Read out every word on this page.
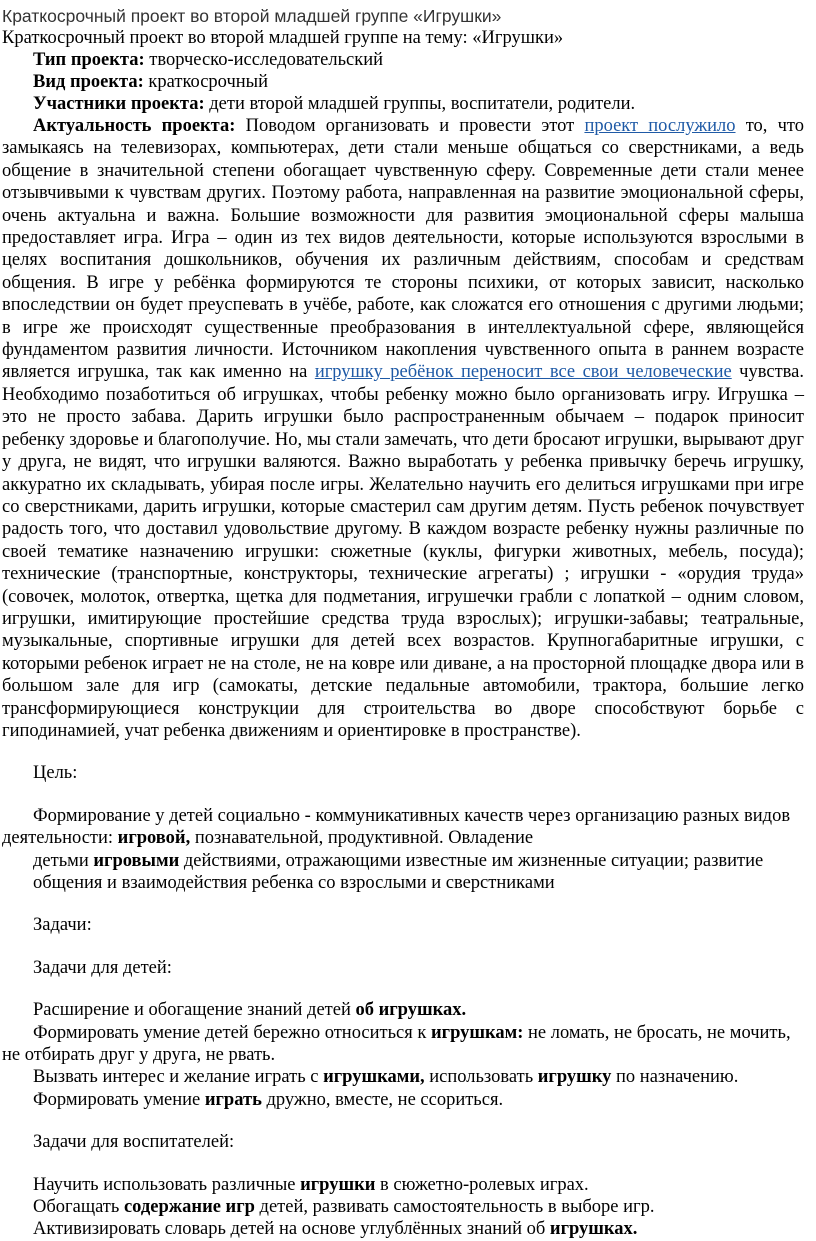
Краткосрочный проект во второй младшей группе «Игрушки»
Краткосрочный проект во второй младшей группе на тему: «Игрушки»
Тип проекта: творческо-исследовательский
Вид проекта: краткосрочный
Участники проекта: дети второй младшей группы, воспитатели, родители.
Актуальность проекта: Поводом организовать и провести этот проект послужило то, что замыкаясь на телевизорах, компьютерах, дети стали меньше общаться со сверстниками, а ведь общение в значительной степени обогащает чувственную сферу. Современные дети стали менее отзывчивыми к чувствам других. Поэтому работа, направленная на развитие эмоциональной сферы, очень актуальна и важна. Большие возможности для развития эмоциональной сферы малыша предоставляет игра. Игра – один из тех видов деятельности, которые используются взрослыми в целях воспитания дошкольников, обучения их различным действиям, способам и средствам общения. В игре у ребёнка формируются те стороны психики, от которых зависит, насколько впоследствии он будет преуспевать в учёбе, работе, как сложатся его отношения с другими людьми; в игре же происходят существенные преобразования в интеллектуальной сфере, являющейся фундаментом развития личности. Источником накопления чувственного опыта в раннем возрасте является игрушка, так как именно на игрушку ребёнок переносит все свои человеческие чувства. Необходимо позаботиться об игрушках, чтобы ребенку можно было организовать игру. Игрушка – это не просто забава. Дарить игрушки было распространенным обычаем – подарок приносит ребенку здоровье и благополучие. Но, мы стали замечать, что дети бросают игрушки, вырывают друг у друга, не видят, что игрушки валяются. Важно выработать у ребенка привычку беречь игрушку, аккуратно их складывать, убирая после игры. Желательно научить его делиться игрушками при игре со сверстниками, дарить игрушки, которые смастерил сам другим детям. Пусть ребенок почувствует радость того, что доставил удовольствие другому. В каждом возрасте ребенку нужны различные по своей тематике назначению игрушки: сюжетные (куклы, фигурки животных, мебель, посуда); технические (транспортные, конструкторы, технические агрегаты) ; игрушки - «орудия труда» (совочек, молоток, отвертка, щетка для подметания, игрушечки грабли с лопаткой – одним словом, игрушки, имитирующие простейшие средства труда взрослых); игрушки-забавы; театральные, музыкальные, спортивные игрушки для детей всех возрастов. Крупногабаритные игрушки, с которыми ребенок играет не на столе, не на ковре или диване, а на просторной площадке двора или в большом зале для игр (самокаты, детские педальные автомобили, трактора, большие легко трансформирующиеся конструкции для строительства во дворе способствуют борьбе с гиподинамией, учат ребенка движениям и ориентировке в пространстве).
Цель:
Формирование у детей социально - коммуникативных качеств через организацию разных видов деятельности: игровой, познавательной, продуктивной. Овладение
детьми игровыми действиями, отражающими известные им жизненные ситуации; развитие
общения и взаимодействия ребенка со взрослыми и сверстниками
Задачи:
Задачи для детей:
Расширение и обогащение знаний детей об игрушках.
Формировать умение детей бережно относиться к игрушкам: не ломать, не бросать, не мочить, не отбирать друг у друга, не рвать.
Вызвать интерес и желание играть с игрушками, использовать игрушку по назначению.
Формировать умение играть дружно, вместе, не ссориться.
Задачи для воспитателей:
Научить использовать различные игрушки в сюжетно-ролевых играх.
Обогащать содержание игр детей, развивать самостоятельность в выборе игр.
Активизировать словарь детей на основе углублённых знаний об игрушках.
